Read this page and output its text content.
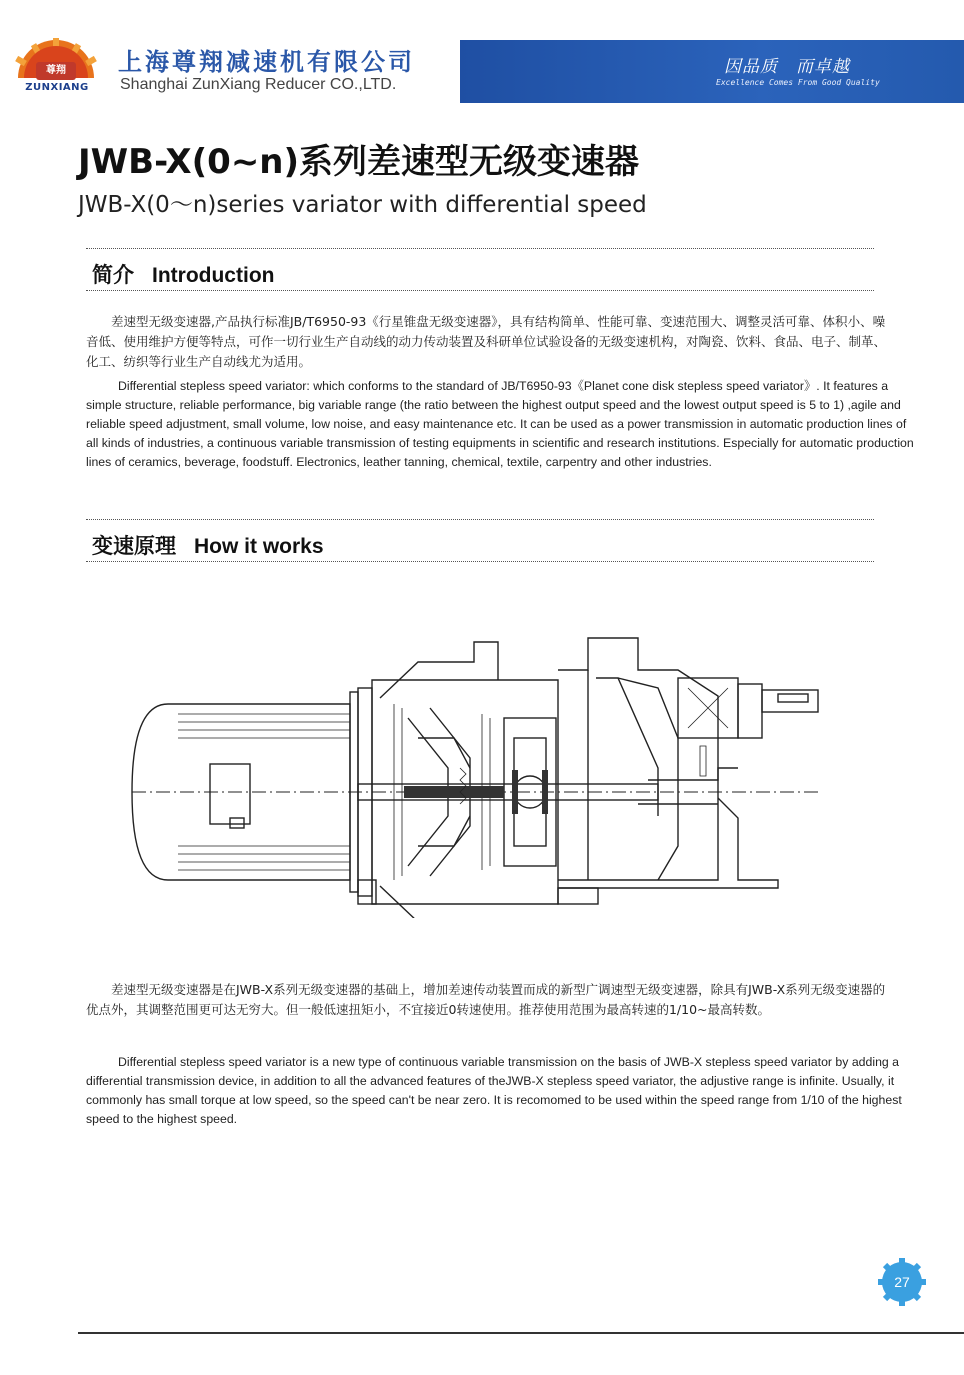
尊翔
ZUNXIANG
上海尊翔减速机有限公司
Shanghai ZunXiang Reducer CO.,LTD.
因品质　而卓越
Excellence Comes From Good Quality
JWB-X(0~n)系列差速型无级变速器
JWB-X(0～n)series variator with differential speed
简介 Introduction
差速型无级变速器,产品执行标准JB/T6950-93《行星锥盘无级变速器》，具有结构简单、性能可靠、变速范围大、调整灵活可靠、体积小、噪音低、使用维护方便等特点，可作一切行业生产自动线的动力传动装置及科研单位试验设备的无级变速机构，对陶瓷、饮料、食品、电子、制革、化工、纺织等行业生产自动线尤为适用。
Differential stepless speed variator: which conforms to the standard of JB/T6950-93《Planet cone disk stepless speed variator》. It features a simple structure, reliable performance, big variable range (the ratio between the highest output speed and the lowest output speed is 5 to 1) ,agile and reliable speed adjustment, small volume, low noise, and easy maintenance etc. It can be used as a power transmission in automatic production lines of all kinds of industries, a continuous variable transmission of testing equipments in scientific and research institutions. Especially for automatic production lines of ceramics, beverage, foodstuff. Electronics, leather tanning, chemical, textile, carpentry and other industries.
变速原理 How it works
差速型无级变速器是在JWB-X系列无级变速器的基础上，增加差速传动装置而成的新型广调速型无级变速器，除具有JWB-X系列无级变速器的优点外，其调整范围更可达无穷大。但一般低速扭矩小，不宜接近0转速使用。推荐使用范围为最高转速的1/10~最高转数。
Differential stepless speed variator is a new type of continuous variable transmission on the basis of JWB-X stepless speed variator by adding a differential transmission device, in addition to all the advanced features of theJWB-X stepless speed variator, the adjustive range is infinite. Usually, it commonly has small torque at low speed, so the speed can't be near zero. It is recomomed to be used within the speed range from 1/10 of the highest speed to the highest speed.
27
